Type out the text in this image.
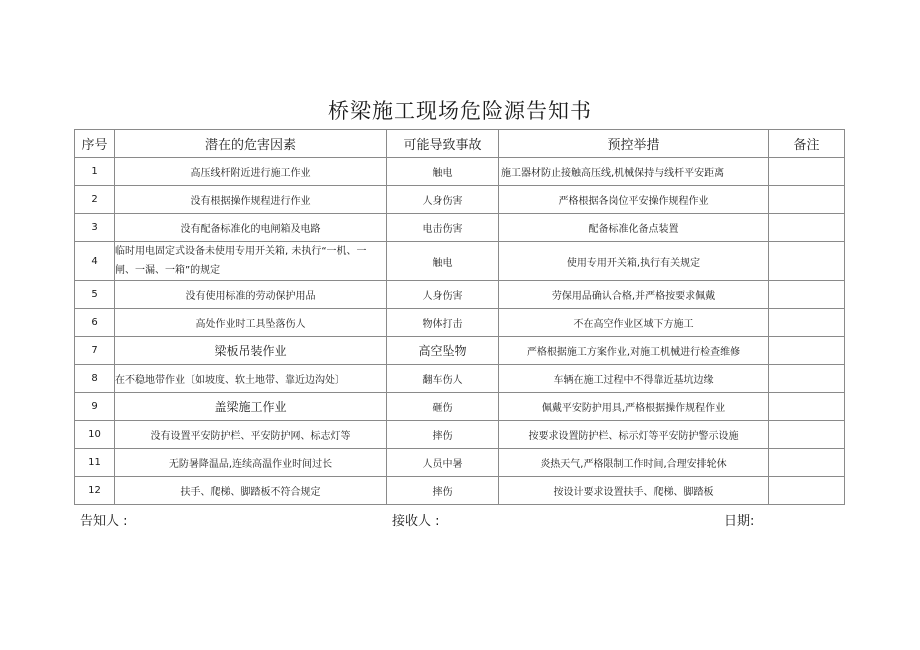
桥梁施工现场危险源告知书
序号	潜在的危害因素	可能导致事故	预控举措	备注
1	高压线杆附近进行施工作业	触电	施工器材防止接触高压线,机械保持与线杆平安距离	
2	没有根据操作规程进行作业	人身伤害	严格根据各岗位平安操作规程作业	
3	没有配备标准化的电闸箱及电路	电击伤害	配备标准化备点装置	
4	临时用电固定式设备未使用专用开关箱, 未执行“一机、一闸、一漏、一箱”的规定	触电	使用专用开关箱,执行有关规定	
5	没有使用标准的劳动保护用品	人身伤害	劳保用品确认合格,并严格按要求佩戴	
6	高处作业时工具坠落伤人	物体打击	不在高空作业区域下方施工	
7	梁板吊装作业	高空坠物	严格根据施工方案作业,对施工机械进行检查维修	
8	在不稳地带作业〔如坡度、软土地带、靠近边沟处〕	翻车伤人	车辆在施工过程中不得靠近基坑边缘	
9	盖梁施工作业	砸伤	佩戴平安防护用具,严格根据操作规程作业	
10	没有设置平安防护栏、平安防护网、标志灯等	摔伤	按要求设置防护栏、标示灯等平安防护警示设施	
11	无防暑降温品,连续高温作业时间过长	人员中暑	炎热天气,严格限制工作时间,合理安排轮休	
12	扶手、爬梯、脚踏板不符合规定	摔伤	按设计要求设置扶手、爬梯、脚踏板	
告知人 :	接收人 :	日期:
